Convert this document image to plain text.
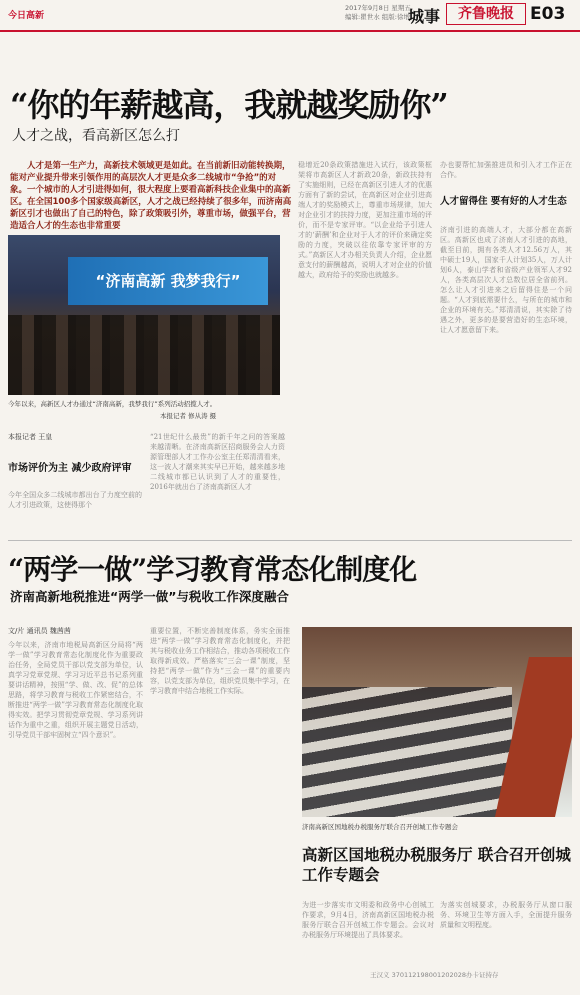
今日高新
2017年9月8日 星期五
编辑:瞿世水 组版:徐增
城事	齐鲁晚报 E03
“你的年薪越高，我就越奖励你”
人才之战，看高新区怎么打
人才是第一生产力，高新技术领域更是如此。在当前新旧动能转换期，能对产业提升带来引领作用的高层次人才更是众多二线城市“争抢”的对象。一个城市的人才引进得如何，很大程度上要看高新科技企业集中的高新区。在全国100多个国家级高新区，人才之战已经持续了很多年，而济南高新区引才也做出了自己的特色，除了政策吸引外，尊重市场，做强平台，营造适合人才的生态也非常重要
“济南高新 我梦我行”
今年以来，高新区人才办通过“济南高新，我梦我行”系列活动招揽人才。
本报记者 修从涛 摄
本报记者 王皇
市场评价为主 减少政府评审
今年全国众多二线城市都出台了力度空前的人才引进政策，这使得那个
“21世纪什么最贵”的新千年之问的答案越来越清晰。在济南高新区招商服务会人力资源管理部人才工作办公室主任郑清清看来，这一波人才潮来其实早已开始，越来越多地二线城市都已认识到了人才的重要性，2016年就出台了济南高新区人才
稳增近20条政策措施进入试行，该政策框架将市高新区人才新政20条，新政扶持有了实施细则，已经在高新区引进人才的优惠方面有了新的尝试，在高新区对企业引进高端人才的奖励模式上，尊重市场规律，加大对企业引才的扶持力度，更加注重市场的评价，而不是专家评审。“以企业给予引进人才的‘薪酬’和企业对于人才的评价来确定奖励的力度，突破以往依靠专家评审的方式。”高新区人才办相关负责人介绍，企业愿意支付的薪酬越高，说明人才对企业的价值越大，政府给予的奖励也就越多。
办也要帮忙加强推进员和引入才工作正在合作。
人才留得住 要有好的人才生态
济南引进的高端人才，大部分都在高新区。高新区也成了济南人才引进的高地，截至目前，拥有各类人才12.56万人，其中硕士19人，国家千人计划35人，万人计划6人，泰山学者和省级产业领军人才92人，各类高层次人才总数位居全省前列。怎么让人才引进来之后留得住是一个问题。“人才到底需要什么，与所在的城市和企业的环境有关。”郑清清说，其实除了待遇之外，更多的是要营造好的生态环境，让人才愿意留下来。
“两学一做”学习教育常态化制度化
济南高新地税推进“两学一做”与税收工作深度融合
文/片 通讯员 魏茜茜
今年以来，济南市地税局高新区分局将“两学一做”学习教育常态化制度化作为重要政治任务，全局党员干部以党支部为单位，认真学习党章党规、学习习近平总书记系列重要讲话精神，按照“学、做、改、促”的总体思路，将学习教育与税收工作紧密结合，不断推进“两学一做”学习教育常态化制度化取得实效。把学习贯彻党章党规、学习系列讲话作为重中之重，组织开展主题党日活动，引导党员干部牢固树立“四个意识”。
重要位置，不断完善制度体系，务实全面推进“两学一做”学习教育常态化制度化，并把其与税收业务工作相结合，推动各项税收工作取得新成效。严格落实“三会一课”制度，坚持把“两学一做”作为“三会一课”的重要内容，以党支部为单位，组织党员集中学习，在学习教育中结合地税工作实际。
济南高新区国地税办税服务厅联合召开创城工作专题会
高新区国地税办税服务厅 联合召开创城工作专题会
为进一步落实市文明委和政务中心创城工作要求，9月4日，济南高新区国地税办税服务厅联合召开创城工作专题会。会议对办税服务厅环境提出了具体要求。
为落实创城要求，办税服务厅从窗口服务、环境卫生等方面入手，全面提升服务质量和文明程度。
王汉义 370112198001202028办卡证持存
